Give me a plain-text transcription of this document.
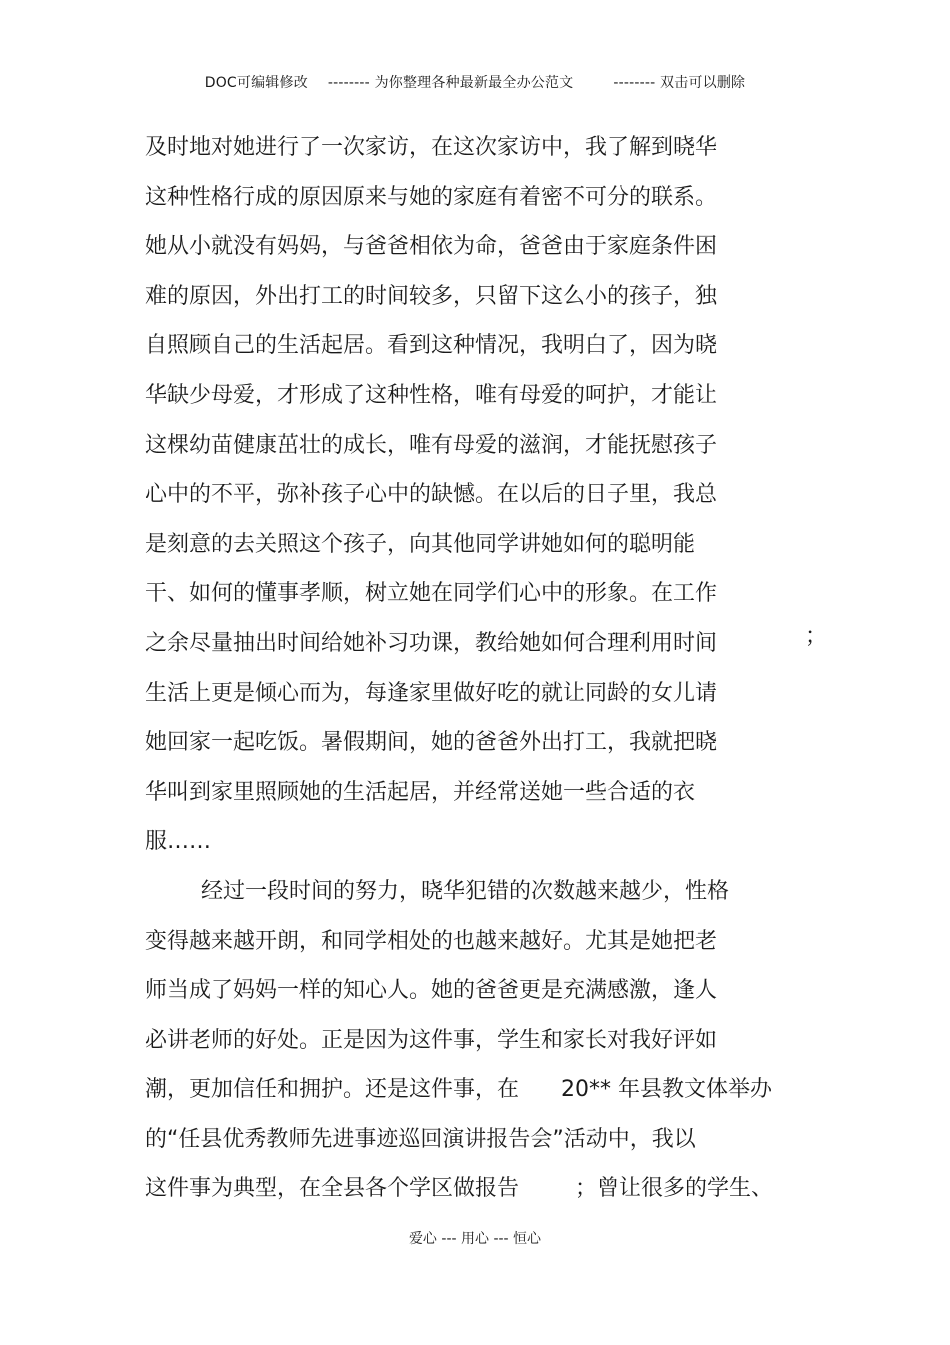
DOC可编辑修改 -------- 为你整理各种最新最全办公范文	-------- 双击可以删除
及时地对她进行了一次家访，在这次家访中，我了解到晓华
这种性格行成的原因原来与她的家庭有着密不可分的联系。
她从小就没有妈妈，与爸爸相依为命，爸爸由于家庭条件困
难的原因，外出打工的时间较多，只留下这么小的孩子，独
自照顾自己的生活起居。看到这种情况，我明白了，因为晓
华缺少母爱，才形成了这种性格，唯有母爱的呵护，才能让
这棵幼苗健康茁壮的成长，唯有母爱的滋润，才能抚慰孩子
心中的不平，弥补孩子心中的缺憾。在以后的日子里，我总
是刻意的去关照这个孩子，向其他同学讲她如何的聪明能
干、如何的懂事孝顺，树立她在同学们心中的形象。在工作
之余尽量抽出时间给她补习功课，教给她如何合理利用时间
生活上更是倾心而为，每逢家里做好吃的就让同龄的女儿请
她回家一起吃饭。暑假期间，她的爸爸外出打工，我就把晓
华叫到家里照顾她的生活起居，并经常送她一些合适的衣
服……
经过一段时间的努力，晓华犯错的次数越来越少，性格
变得越来越开朗，和同学相处的也越来越好。尤其是她把老
师当成了妈妈一样的知心人。她的爸爸更是充满感激，逢人
必讲老师的好处。正是因为这件事，学生和家长对我好评如
潮，更加信任和拥护。还是这件事，在      20** 年县教文体举办
的“任县优秀教师先进事迹巡回演讲报告会”活动中，我以
这件事为典型，在全县各个学区做报告        ；曾让很多的学生、
；
爱心 --- 用心 --- 恒心
